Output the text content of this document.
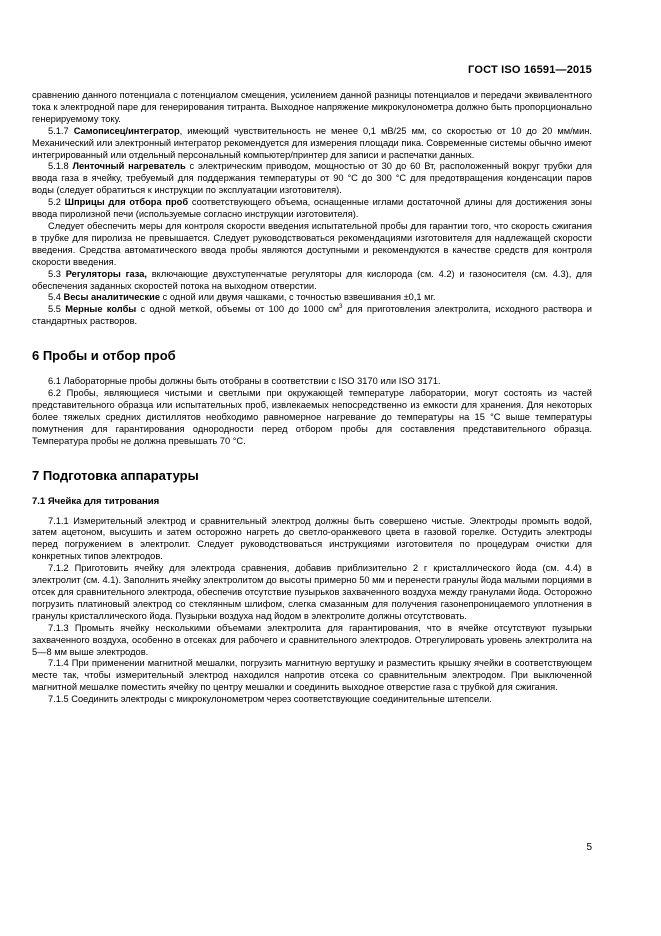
ГОСТ ISO 16591—2015

сравнению данного потенциала с потенциалом смещения, усилением данной разницы потенциалов и передачи эквивалентного тока к электродной паре для генерирования титранта. Выходное напряжение микрокулонометра должно быть пропорционально генерируемому току.

5.1.7 Самописец/интегратор, имеющий чувствительность не менее 0,1 мВ/25 мм, со скоростью от 10 до 20 мм/мин. Механический или электронный интегратор рекомендуется для измерения площади пика. Современные системы обычно имеют интегрированный или отдельный персональный компьютер/принтер для записи и распечатки данных.

5.1.8 Ленточный нагреватель с электрическим приводом, мощностью от 30 до 60 Вт, расположенный вокруг трубки для ввода газа в ячейку, требуемый для поддержания температуры от 90 °C до 300 °C для предотвращения конденсации паров воды (следует обратиться к инструкции по эксплуатации изготовителя).

5.2 Шприцы для отбора проб соответствующего объема, оснащенные иглами достаточной длины для достижения зоны ввода пиролизной печи (используемые согласно инструкции изготовителя).

Следует обеспечить меры для контроля скорости введения испытательной пробы для гарантии того, что скорость сжигания в трубке для пиролиза не превышается. Следует руководствоваться рекомендациями изготовителя для надлежащей скорости введения. Средства автоматического ввода пробы являются доступными и рекомендуются в качестве средств для контроля скорости введения.

5.3 Регуляторы газа, включающие двухступенчатые регуляторы для кислорода (см. 4.2) и газоносителя (см. 4.3), для обеспечения заданных скоростей потока на выходном отверстии.

5.4 Весы аналитические с одной или двумя чашками, с точностью взвешивания ±0,1 мг.

5.5 Мерные колбы с одной меткой, объемы от 100 до 1000 $см^3$ для приготовления электролита, исходного раствора и стандартных растворов.

6 Пробы и отбор проб

6.1 Лабораторные пробы должны быть отобраны в соответствии с ISO 3170 или ISO 3171.

6.2 Пробы, являющиеся чистыми и светлыми при окружающей температуре лаборатории, могут состоять из частей представительного образца или испытательных проб, извлекаемых непосредственно из емкости для хранения. Для некоторых более тяжелых средних дистиллятов необходимо равномерное нагревание до температуры на 15 °C выше температуры помутнения для гарантирования однородности перед отбором пробы для составления представительного образца. Температура пробы не должна превышать 70 °C.

7 Подготовка аппаратуры
7.1 Ячейка для титрования

7.1.1 Измерительный электрод и сравнительный электрод должны быть совершено чистые. Электроды промыть водой, затем ацетоном, высушить и затем осторожно нагреть до светло-оранжевого цвета в газовой горелке. Остудить электроды перед погружением в электролит. Следует руководствоваться инструкциями изготовителя по процедурам очистки для конкретных типов электродов.

7.1.2 Приготовить ячейку для электрода сравнения, добавив приблизительно 2 г кристаллического йода (см. 4.4) в электролит (см. 4.1). Заполнить ячейку электролитом до высоты примерно 50 мм и перенести гранулы йода малыми порциями в отсек для сравнительного электрода, обеспечив отсутствие пузырьков захваченного воздуха между гранулами йода. Осторожно погрузить платиновый электрод со стеклянным шлифом, слегка смазанным для получения газонепроницаемого уплотнения в гранулы кристаллического йода. Пузырьки воздуха над йодом в электролите должны отсутствовать.

7.1.3 Промыть ячейку несколькими объемами электролита для гарантирования, что в ячейке отсутствуют пузырьки захваченного воздуха, особенно в отсеках для рабочего и сравнительного электродов. Отрегулировать уровень электролита на 5—8 мм выше электродов.

7.1.4 При применении магнитной мешалки, погрузить магнитную вертушку и разместить крышку ячейки в соответствующем месте так, чтобы измерительный электрод находился напротив отсека со сравнительным электродом. При выключенной магнитной мешалке поместить ячейку по центру мешалки и соединить выходное отверстие газа с трубкой для сжигания.

7.1.5 Соединить электроды с микрокулонометром через соответствующие соединительные штепсели.

5
